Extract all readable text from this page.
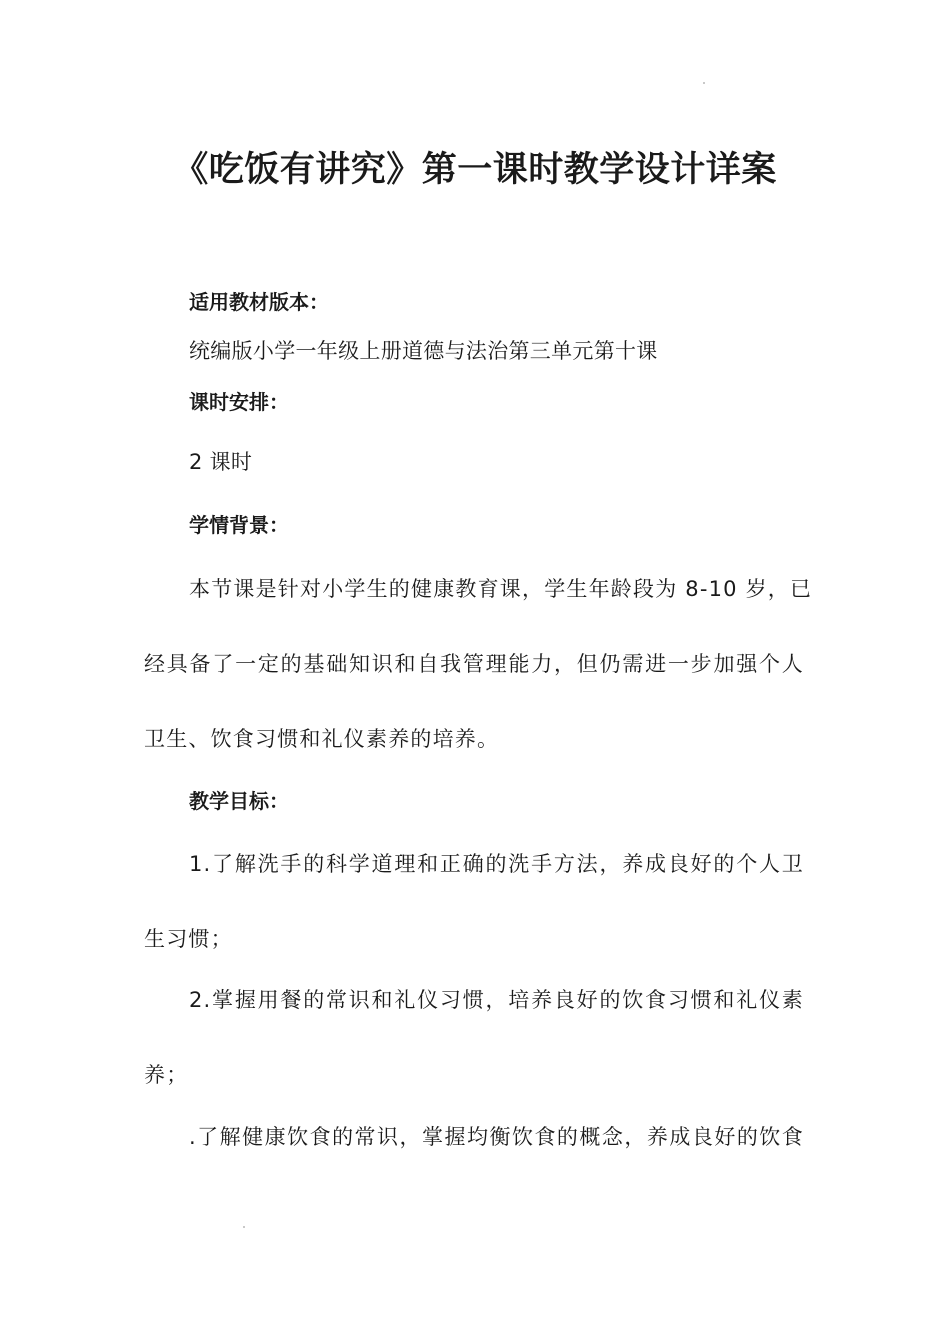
《吃饭有讲究》第一课时教学设计详案
适用教材版本：
统编版小学一年级上册道德与法治第三单元第十课
课时安排：
2 课时
学情背景：
本节课是针对小学生的健康教育课，学生年龄段为 8-10 岁，已
经具备了一定的基础知识和自我管理能力，但仍需进一步加强个人
卫生、饮食习惯和礼仪素养的培养。
教学目标：
1.了解洗手的科学道理和正确的洗手方法，养成良好的个人卫
生习惯；
2.掌握用餐的常识和礼仪习惯，培养良好的饮食习惯和礼仪素
养；
.了解健康饮食的常识，掌握均衡饮食的概念，养成良好的饮食
